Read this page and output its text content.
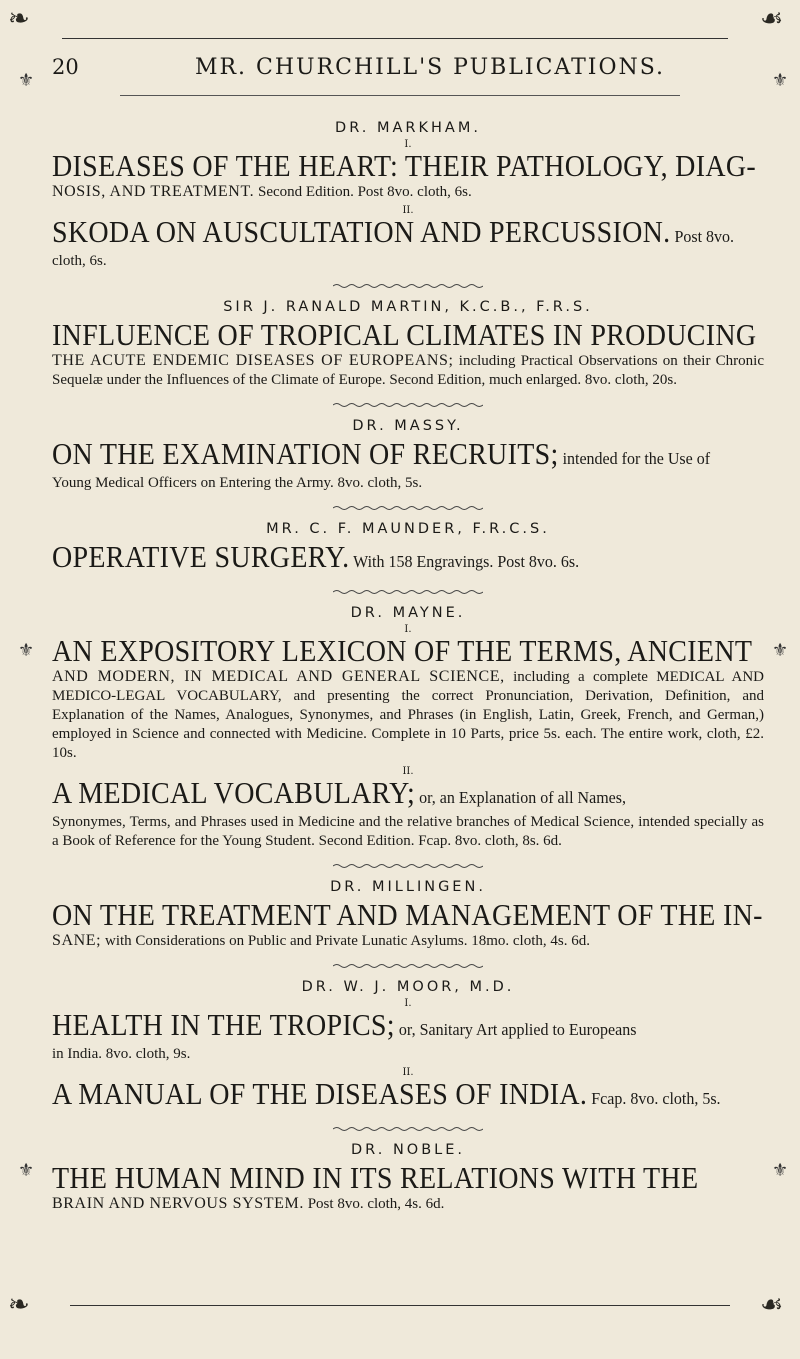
❧	☙
❧	☙
⚜
⚜
⚜
⚜
⚜
⚜
20	MR. CHURCHILL'S PUBLICATIONS.
DR. MARKHAM.
I.
DISEASES OF THE HEART: THEIR PATHOLOGY, DIAG-
NOSIS, AND TREATMENT. Second Edition. Post 8vo. cloth, 6s.
II.
SKODA ON AUSCULTATION AND PERCUSSION. Post 8vo.
cloth, 6s.
SIR J. RANALD MARTIN, K.C.B., F.R.S.
INFLUENCE OF TROPICAL CLIMATES IN PRODUCING
THE ACUTE ENDEMIC DISEASES OF EUROPEANS; including Practical Observations on their Chronic Sequelæ under the Influences of the Climate of Europe. Second Edition, much enlarged. 8vo. cloth, 20s.
DR. MASSY.
ON THE EXAMINATION OF RECRUITS; intended for the Use of
Young Medical Officers on Entering the Army. 8vo. cloth, 5s.
MR. C. F. MAUNDER, F.R.C.S.
OPERATIVE SURGERY. With 158 Engravings. Post 8vo. 6s.
DR. MAYNE.
I.
AN EXPOSITORY LEXICON OF THE TERMS, ANCIENT
AND MODERN, IN MEDICAL AND GENERAL SCIENCE, including a complete MEDICAL AND MEDICO-LEGAL VOCABULARY, and presenting the correct Pronunciation, Derivation, Definition, and Explanation of the Names, Analogues, Synonymes, and Phrases (in English, Latin, Greek, French, and German,) employed in Science and connected with Medicine. Complete in 10 Parts, price 5s. each. The entire work, cloth, £2. 10s.
II.
A MEDICAL VOCABULARY; or, an Explanation of all Names,
Synonymes, Terms, and Phrases used in Medicine and the relative branches of Medical Science, intended specially as a Book of Reference for the Young Student. Second Edition. Fcap. 8vo. cloth, 8s. 6d.
DR. MILLINGEN.
ON THE TREATMENT AND MANAGEMENT OF THE IN-
SANE; with Considerations on Public and Private Lunatic Asylums. 18mo. cloth, 4s. 6d.
DR. W. J. MOOR, M.D.
I.
HEALTH IN THE TROPICS; or, Sanitary Art applied to Europeans
in India. 8vo. cloth, 9s.
II.
A MANUAL OF THE DISEASES OF INDIA. Fcap. 8vo. cloth, 5s.
DR. NOBLE.
THE HUMAN MIND IN ITS RELATIONS WITH THE
BRAIN AND NERVOUS SYSTEM. Post 8vo. cloth, 4s. 6d.
